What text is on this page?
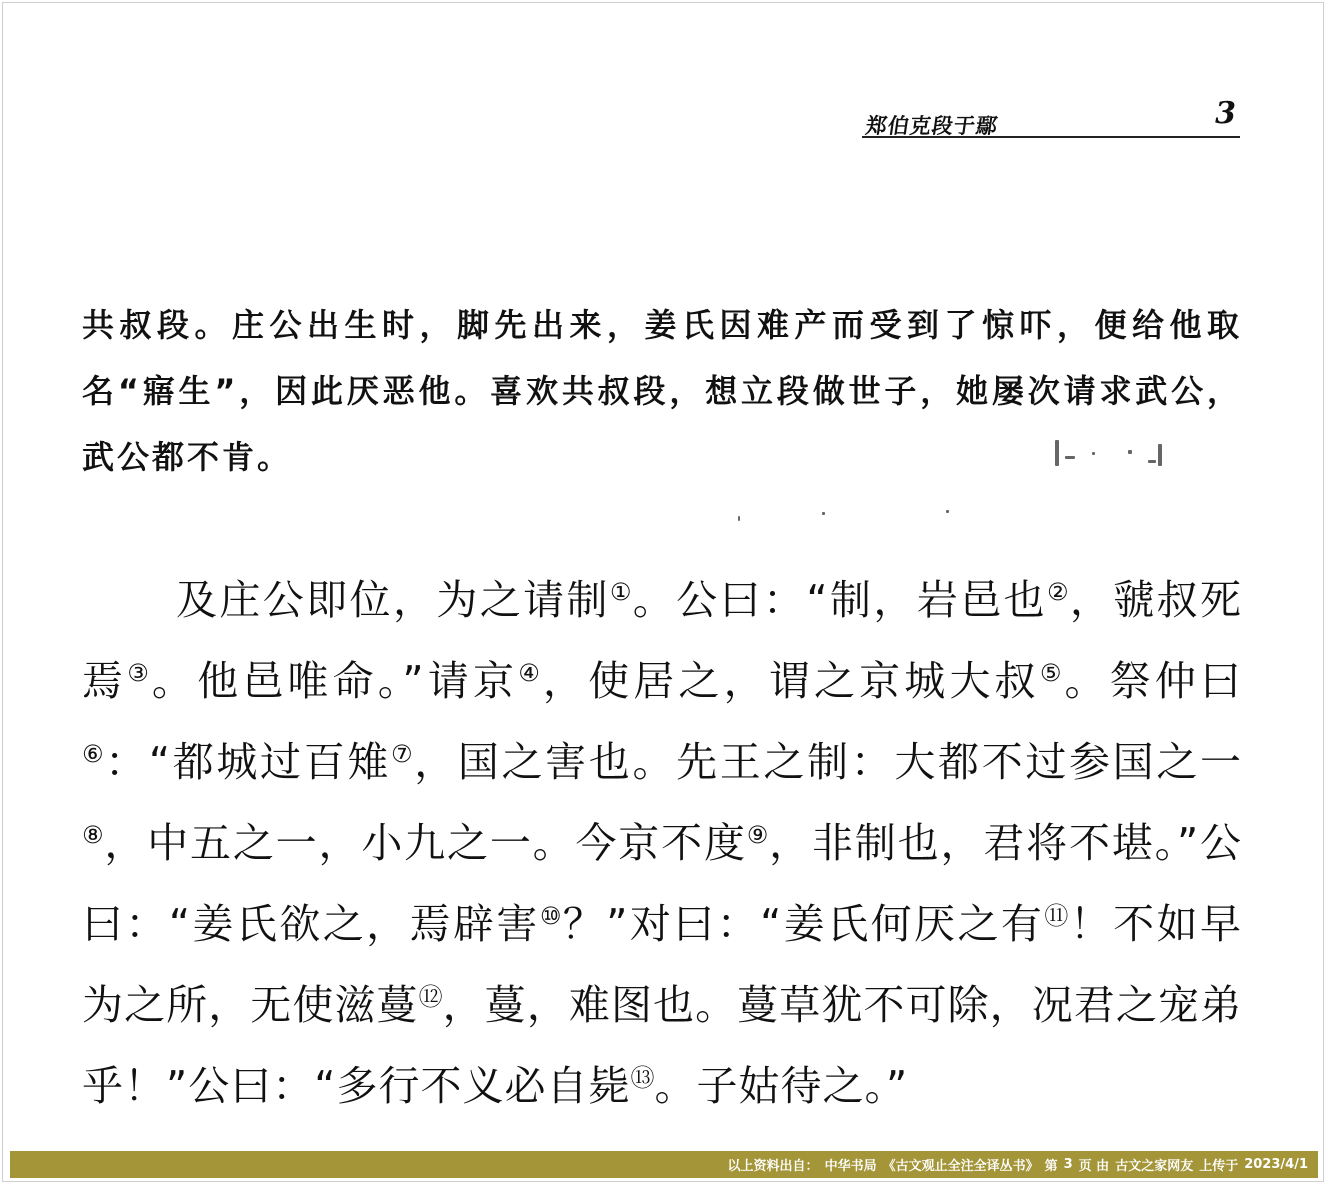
郑伯克段于鄢	3

共叔段。庄公出生时，脚先出来，姜氏因难产而受到了惊吓，便给他取名“寤生”，因此厌恶他。喜欢共叔段，想立段做世子，她屡次请求武公，武公都不肯。

及庄公即位，为之请制①。公曰：“制，岩邑也②，虢叔死焉③。他邑唯命。”请京④，使居之，谓之京城大叔⑤。祭仲曰⑥：“都城过百雉⑦，国之害也。先王之制：大都不过参国之一⑧，中五之一，小九之一。今京不度⑨，非制也，君将不堪。”公曰：“姜氏欲之，焉辟害⑩？”对曰：“姜氏何厌之有⑪！不如早为之所，无使滋蔓⑫，蔓，难图也。蔓草犹不可除，况君之宠弟乎！”公曰：“多行不义必自毙⑬。子姑待之。”

以上资料出自： 中华书局 《古文观止全注全译丛书》 第 3 页 由 古文之家网友 上传于 2023/4/1
